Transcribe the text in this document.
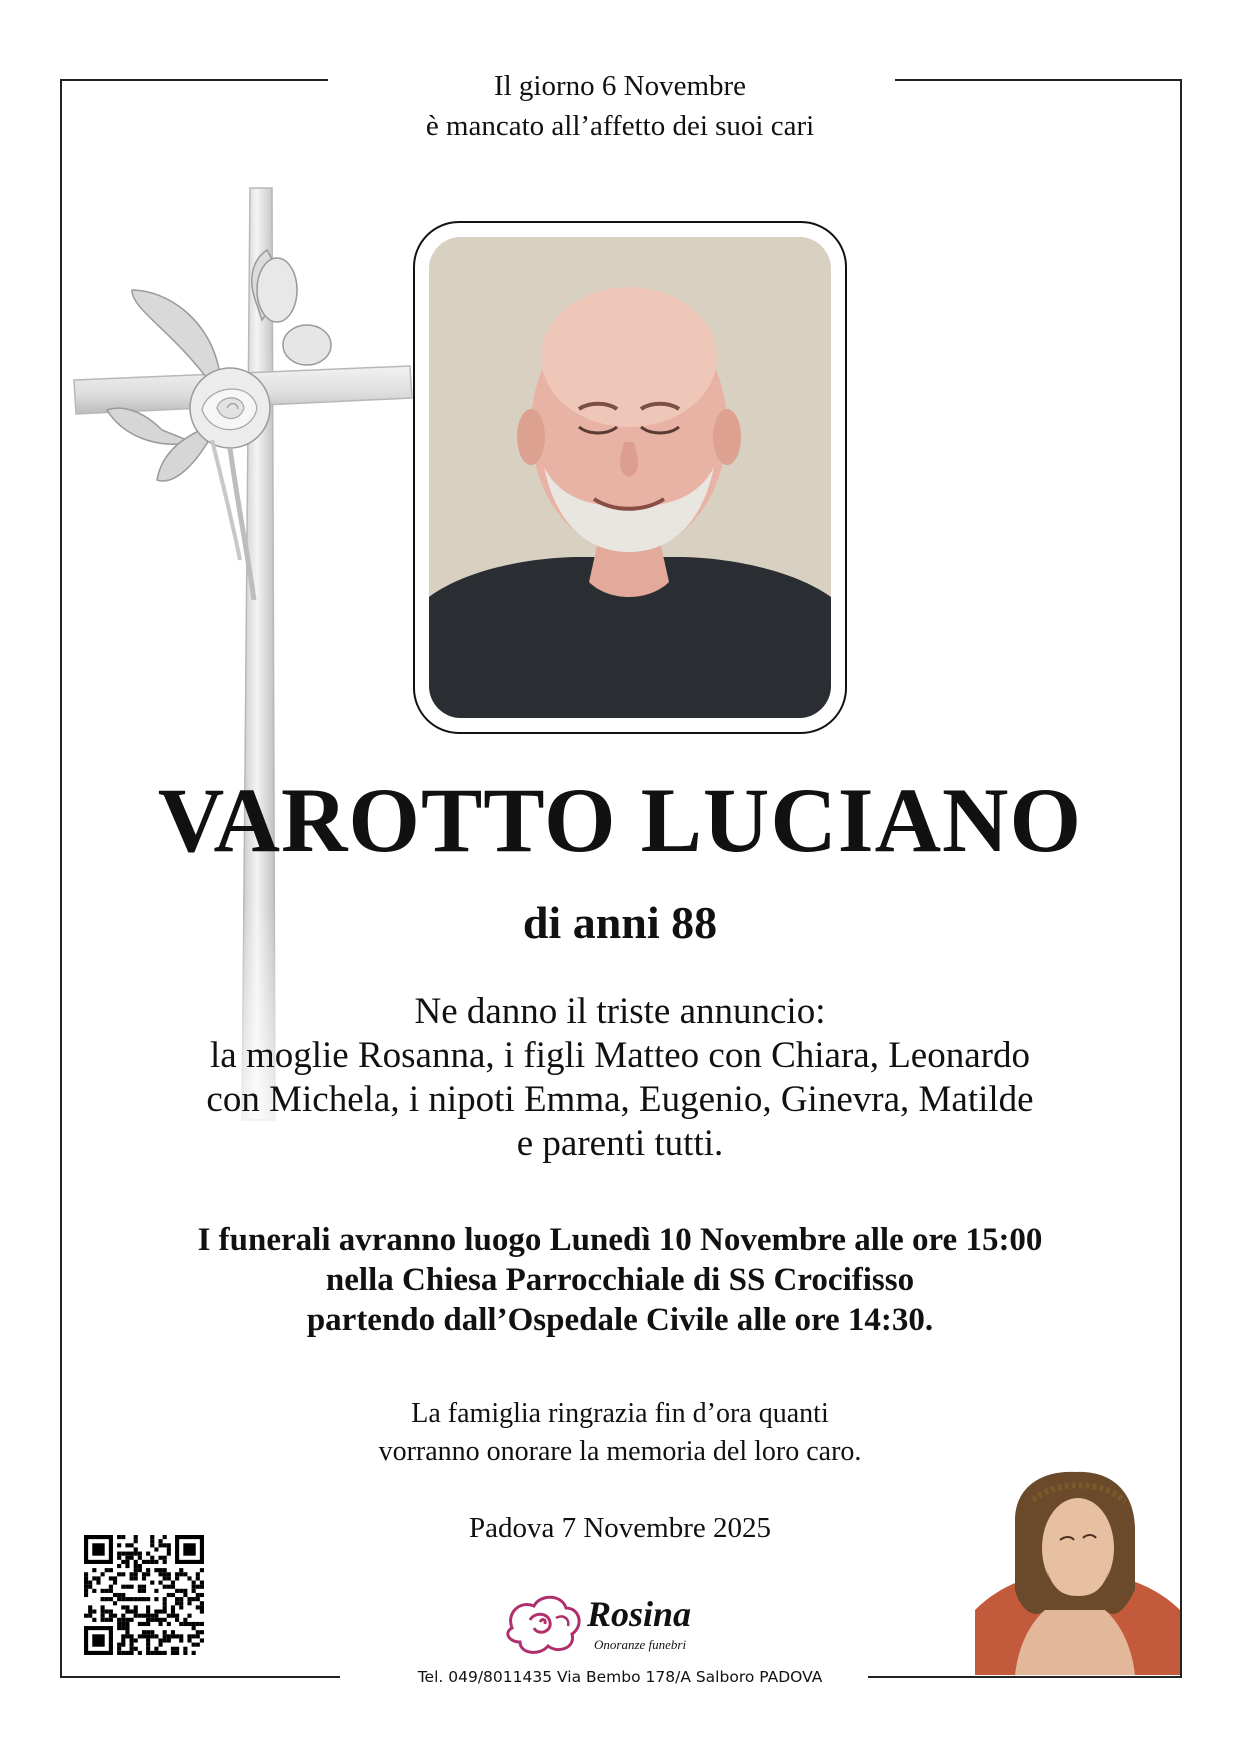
Il giorno 6 Novembre
è mancato all’affetto dei suoi cari
VAROTTO LUCIANO
di anni 88
Ne danno il triste annuncio:
la moglie Rosanna, i figli Matteo con Chiara, Leonardo
con Michela, i nipoti Emma, Eugenio, Ginevra, Matilde
e parenti tutti.
I funerali avranno luogo Lunedì 10 Novembre alle ore 15:00
nella Chiesa Parrocchiale di SS Crocifisso
partendo dall’Ospedale Civile alle ore 14:30.
La famiglia ringrazia fin d’ora quanti
vorranno onorare la memoria del loro caro.
Padova 7 Novembre 2025
Rosina
Onoranze funebri
Tel. 049/8011435 Via Bembo 178/A Salboro PADOVA
